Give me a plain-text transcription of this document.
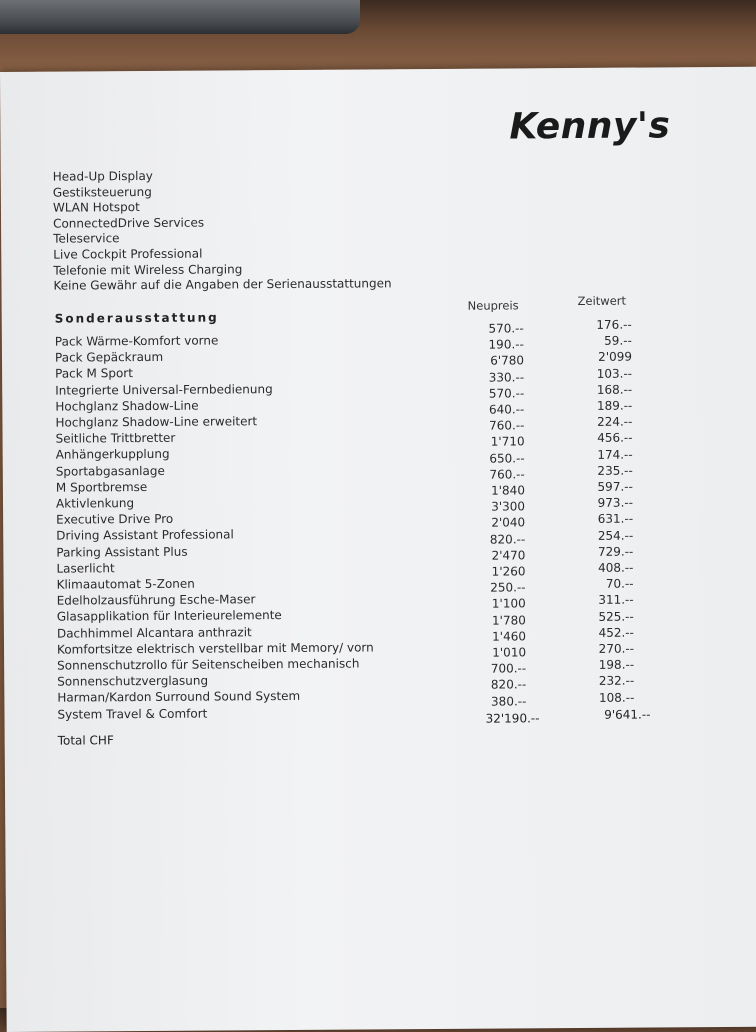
Kenny's
Head-Up Display
Gestiksteuerung
WLAN Hotspot
ConnectedDrive Services
Teleservice
Live Cockpit Professional
Telefonie mit Wireless Charging
Keine Gewähr auf die Angaben der Serienausstattungen
Neupreis	Zeitwert
Sonderausstattung
Pack Wärme-Komfort vorne
Pack Gepäckraum
Pack M Sport
Integrierte Universal-Fernbedienung
Hochglanz Shadow-Line
Hochglanz Shadow-Line erweitert
Seitliche Trittbretter
Anhängerkupplung
Sportabgasanlage
M Sportbremse
Aktivlenkung
Executive Drive Pro
Driving Assistant Professional
Parking Assistant Plus
Laserlicht
Klimaautomat 5-Zonen
Edelholzausführung Esche-Maser
Glasapplikation für Interieurelemente
Dachhimmel Alcantara anthrazit
Komfortsitze elektrisch verstellbar mit Memory/ vorn
Sonnenschutzrollo für Seitenscheiben mechanisch
Sonnenschutzverglasung
Harman/Kardon Surround Sound System
System Travel & Comfort
570.--
190.--
6'780
330.--
570.--
640.--
760.--
1'710
650.--
760.--
1'840
3'300
2'040
820.--
2'470
1'260
250.--
1'100
1'780
1'460
1'010
700.--
820.--
380.--
176.--
59.--
2'099
103.--
168.--
189.--
224.--
456.--
174.--
235.--
597.--
973.--
631.--
254.--
729.--
408.--
70.--
311.--
525.--
452.--
270.--
198.--
232.--
108.--
Total CHF
32'190.--	9'641.--
